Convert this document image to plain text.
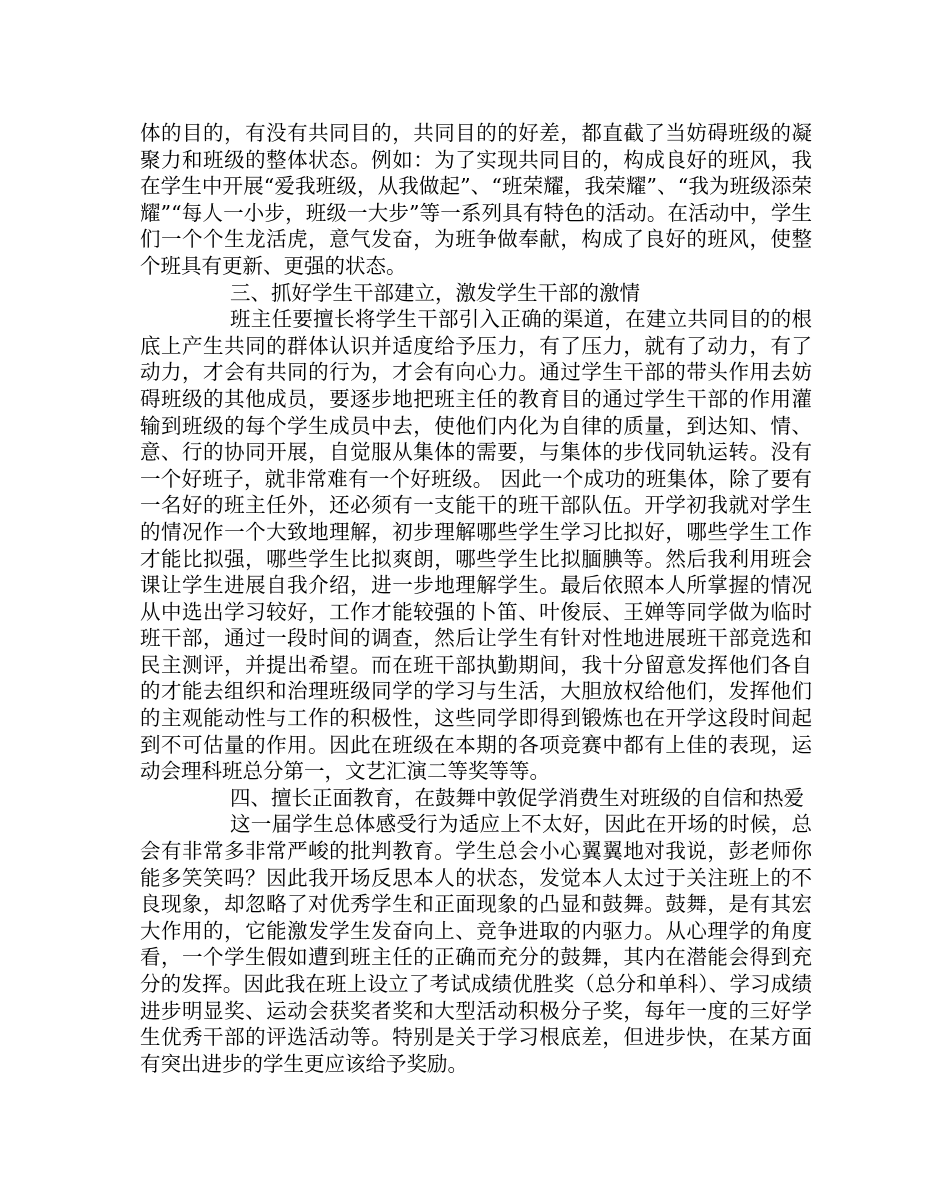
体的目的，有没有共同目的，共同目的的好差，都直截了当妨碍班级的凝聚力和班级的整体状态。例如：为了实现共同目的，构成良好的班风，我在学生中开展“爱我班级，从我做起”、“班荣耀，我荣耀”、“我为班级添荣耀”“每人一小步，班级一大步”等一系列具有特色的活动。在活动中，学生们一个个生龙活虎，意气发奋，为班争做奉献，构成了良好的班风，使整个班具有更新、更强的状态。

三、抓好学生干部建立，激发学生干部的激情

班主任要擅长将学生干部引入正确的渠道，在建立共同目的的根底上产生共同的群体认识并适度给予压力，有了压力，就有了动力，有了动力，才会有共同的行为，才会有向心力。通过学生干部的带头作用去妨碍班级的其他成员，要逐步地把班主任的教育目的通过学生干部的作用灌输到班级的每个学生成员中去，使他们内化为自律的质量，到达知、情、意、行的协同开展，自觉服从集体的需要，与集体的步伐同轨运转。没有一个好班子，就非常难有一个好班级。 因此一个成功的班集体，除了要有一名好的班主任外，还必须有一支能干的班干部队伍。开学初我就对学生的情况作一个大致地理解，初步理解哪些学生学习比拟好，哪些学生工作才能比拟强，哪些学生比拟爽朗，哪些学生比拟腼腆等。然后我利用班会课让学生进展自我介绍，进一步地理解学生。最后依照本人所掌握的情况从中选出学习较好，工作才能较强的卜笛、叶俊辰、王婵等同学做为临时班干部，通过一段时间的调查，然后让学生有针对性地进展班干部竞选和民主测评，并提出希望。而在班干部执勤期间，我十分留意发挥他们各自的才能去组织和治理班级同学的学习与生活，大胆放权给他们，发挥他们的主观能动性与工作的积极性，这些同学即得到锻炼也在开学这段时间起到不可估量的作用。因此在班级在本期的各项竞赛中都有上佳的表现，运动会理科班总分第一，文艺汇演二等奖等等。

四、擅长正面教育，在鼓舞中敦促学消费生对班级的自信和热爱

这一届学生总体感受行为适应上不太好，因此在开场的时候，总会有非常多非常严峻的批判教育。学生总会小心翼翼地对我说，彭老师你能多笑笑吗？因此我开场反思本人的状态，发觉本人太过于关注班上的不良现象，却忽略了对优秀学生和正面现象的凸显和鼓舞。鼓舞，是有其宏大作用的，它能激发学生发奋向上、竞争进取的内驱力。从心理学的角度看，一个学生假如遭到班主任的正确而充分的鼓舞，其内在潜能会得到充分的发挥。因此我在班上设立了考试成绩优胜奖（总分和单科）、学习成绩进步明显奖、运动会获奖者奖和大型活动积极分子奖，每年一度的三好学生优秀干部的评选活动等。特别是关于学习根底差，但进步快，在某方面有突出进步的学生更应该给予奖励。
